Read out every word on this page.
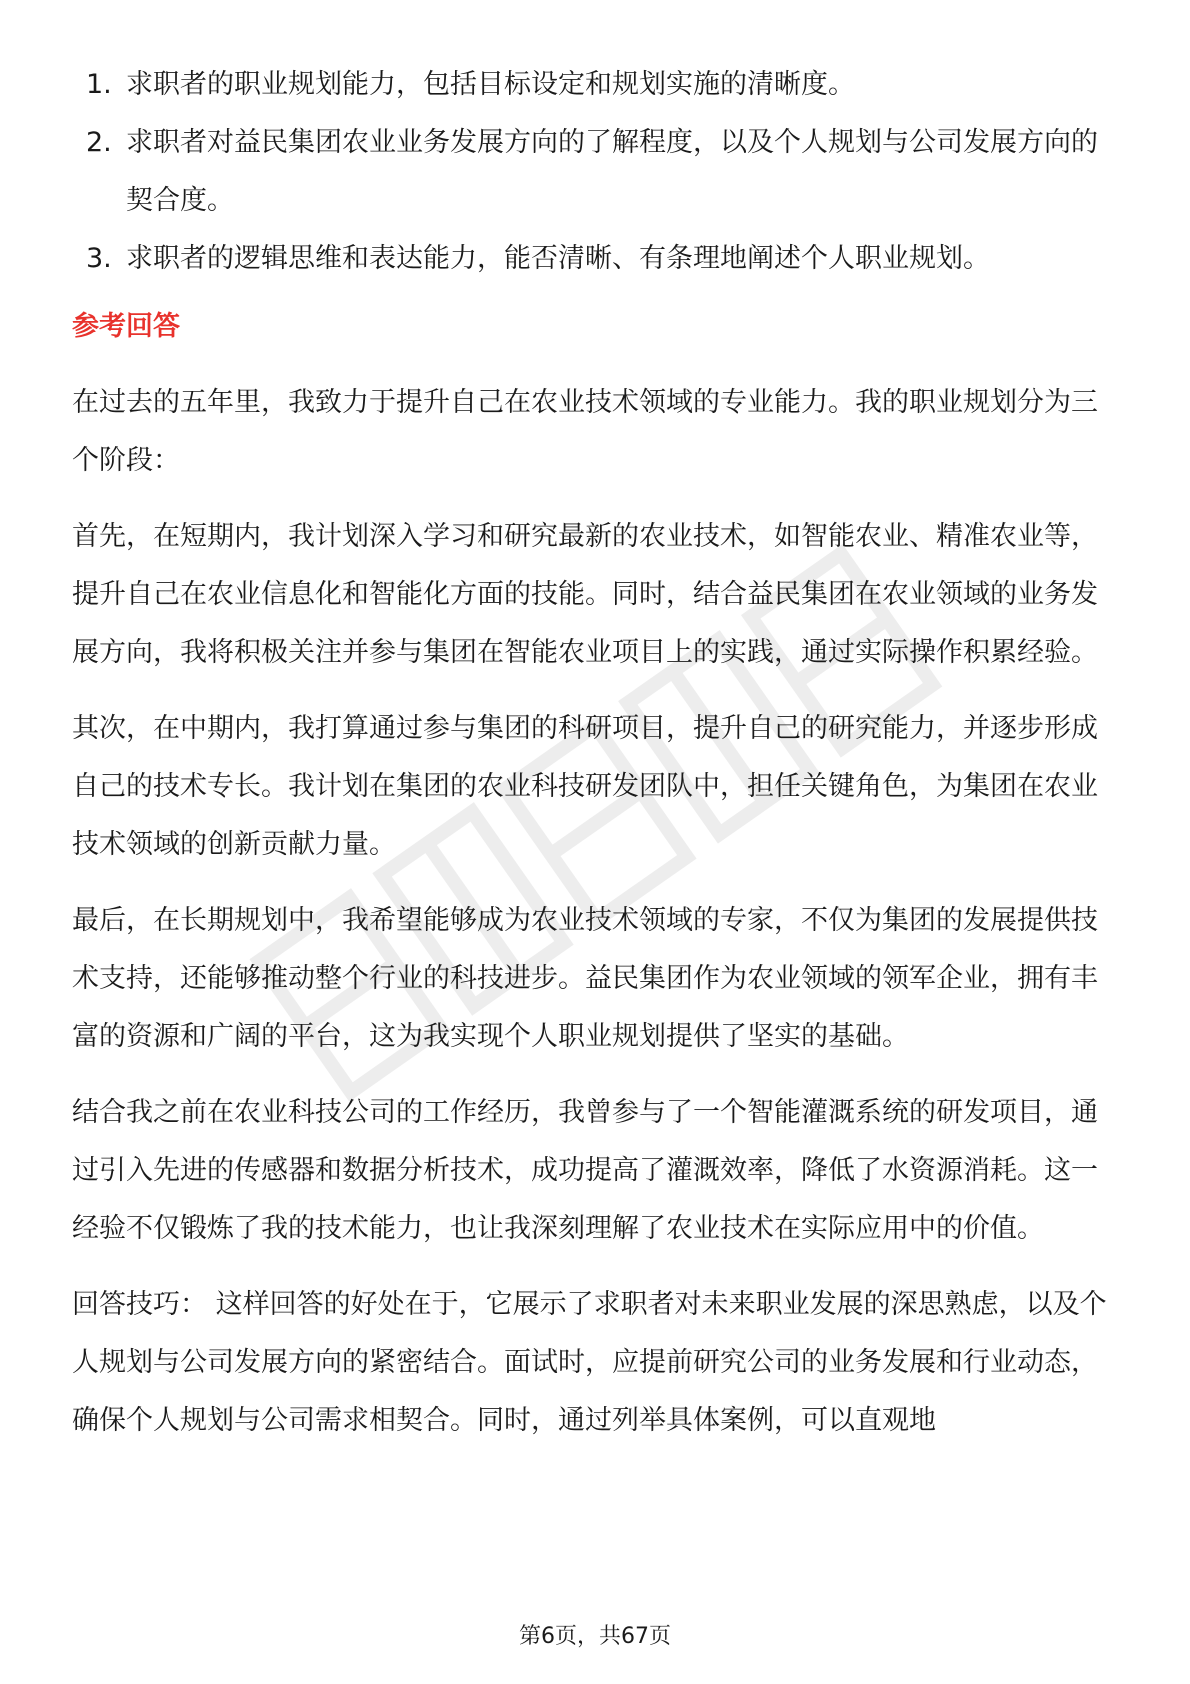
1. 求职者的职业规划能力，包括目标设定和规划实施的清晰度。
2. 求职者对益民集团农业业务发展方向的了解程度，以及个人规划与公司发展方向的契合度。
3. 求职者的逻辑思维和表达能力，能否清晰、有条理地阐述个人职业规划。
参考回答

在过去的五年里，我致力于提升自己在农业技术领域的专业能力。我的职业规划分为三个阶段：

首先，在短期内，我计划深入学习和研究最新的农业技术，如智能农业、精准农业等，提升自己在农业信息化和智能化方面的技能。同时，结合益民集团在农业领域的业务发展方向，我将积极关注并参与集团在智能农业项目上的实践，通过实际操作积累经验。

其次，在中期内，我打算通过参与集团的科研项目，提升自己的研究能力，并逐步形成自己的技术专长。我计划在集团的农业科技研发团队中，担任关键角色，为集团在农业技术领域的创新贡献力量。

最后，在长期规划中，我希望能够成为农业技术领域的专家，不仅为集团的发展提供技术支持，还能够推动整个行业的科技进步。益民集团作为农业领域的领军企业，拥有丰富的资源和广阔的平台，这为我实现个人职业规划提供了坚实的基础。

结合我之前在农业科技公司的工作经历，我曾参与了一个智能灌溉系统的研发项目，通过引入先进的传感器和数据分析技术，成功提高了灌溉效率，降低了水资源消耗。这一经验不仅锻炼了我的技术能力，也让我深刻理解了农业技术在实际应用中的价值。

回答技巧： 这样回答的好处在于，它展示了求职者对未来职业发展的深思熟虑，以及个人规划与公司发展方向的紧密结合。面试时，应提前研究公司的业务发展和行业动态，确保个人规划与公司需求相契合。同时，通过列举具体案例，可以直观地

第6页，共67页
